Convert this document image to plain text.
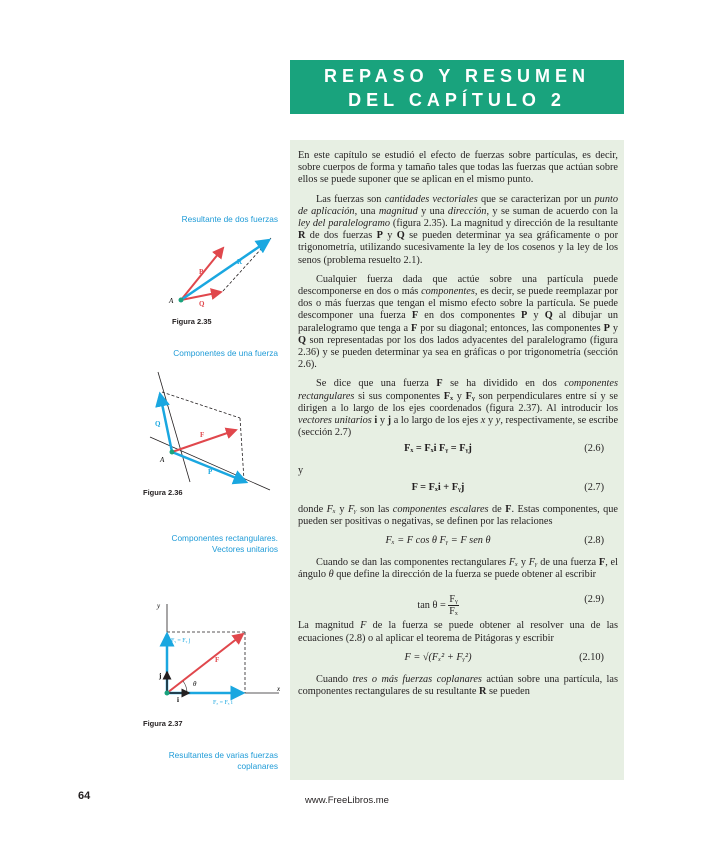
REPASO Y RESUMEN
DEL CAPÍTULO 2
Resultante de dos fuerzas
Componentes de una fuerza
Componentes rectangulares.
Vectores unitarios
Resultantes de varias fuerzas
coplanares
A
P
Q
R
Figura 2.35
A
F
Q
P
Figura 2.36
y
x
Fᵧ = Fᵧ j
Fₓ = Fₓ i
F
j
i
θ
Figura 2.37

En este capítulo se estudió el efecto de fuerzas sobre partículas, es decir, sobre cuerpos de forma y tamaño tales que todas las fuerzas que actúan sobre ellos se puede suponer que se aplican en el mismo punto.

Las fuerzas son cantidades vectoriales que se caracterizan por un punto de aplicación, una magnitud y una dirección, y se suman de acuerdo con la ley del paralelogramo (figura 2.35). La magnitud y dirección de la resultante R de dos fuerzas P y Q se pueden determinar ya sea gráficamente o por trigonometría, utilizando sucesivamente la ley de los cosenos y la ley de los senos (problema resuelto 2.1).

Cualquier fuerza dada que actúe sobre una partícula puede descomponerse en dos o más componentes, es decir, se puede reemplazar por dos o más fuerzas que tengan el mismo efecto sobre la partícula. Se puede descomponer una fuerza F en dos componentes P y Q al dibujar un paralelogramo que tenga a F por su diagonal; entonces, las componentes P y Q son representadas por los dos lados adyacentes del paralelogramo (figura 2.36) y se pueden determinar ya sea en gráficas o por trigonometría (sección 2.6).

Se dice que una fuerza F se ha dividido en dos componentes rectangulares si sus componentes Fₓ y Fᵧ son perpendiculares entre sí y se dirigen a lo largo de los ejes coordenados (figura 2.37). Al introducir los vectores unitarios i y j a lo largo de los ejes x y y, respectivamente, se escribe (sección 2.7)

Fₓ = Fₓi Fᵧ = Fᵧj	(2.6)
y
F = Fₓi + Fᵧj	(2.7)

donde Fₓ y Fᵧ son las componentes escalares de F. Estas componentes, que pueden ser positivas o negativas, se definen por las relaciones

Fₓ = F cos θ Fᵧ = F sen θ	(2.8)

Cuando se dan las componentes rectangulares Fₓ y Fᵧ de una fuerza F, el ángulo θ que define la dirección de la fuerza se puede obtener al escribir

$\tan \theta = \frac{\text{Fᵧ}}{\text{Fₓ}}$	(2.9)

La magnitud F de la fuerza se puede obtener al resolver una de las ecuaciones (2.8) o al aplicar el teorema de Pitágoras y escribir

F = √(Fₓ² + Fᵧ²)	(2.10)

Cuando tres o más fuerzas coplanares actúan sobre una partícula, las componentes rectangulares de su resultante R se pueden

64	www.FreeLibros.me
